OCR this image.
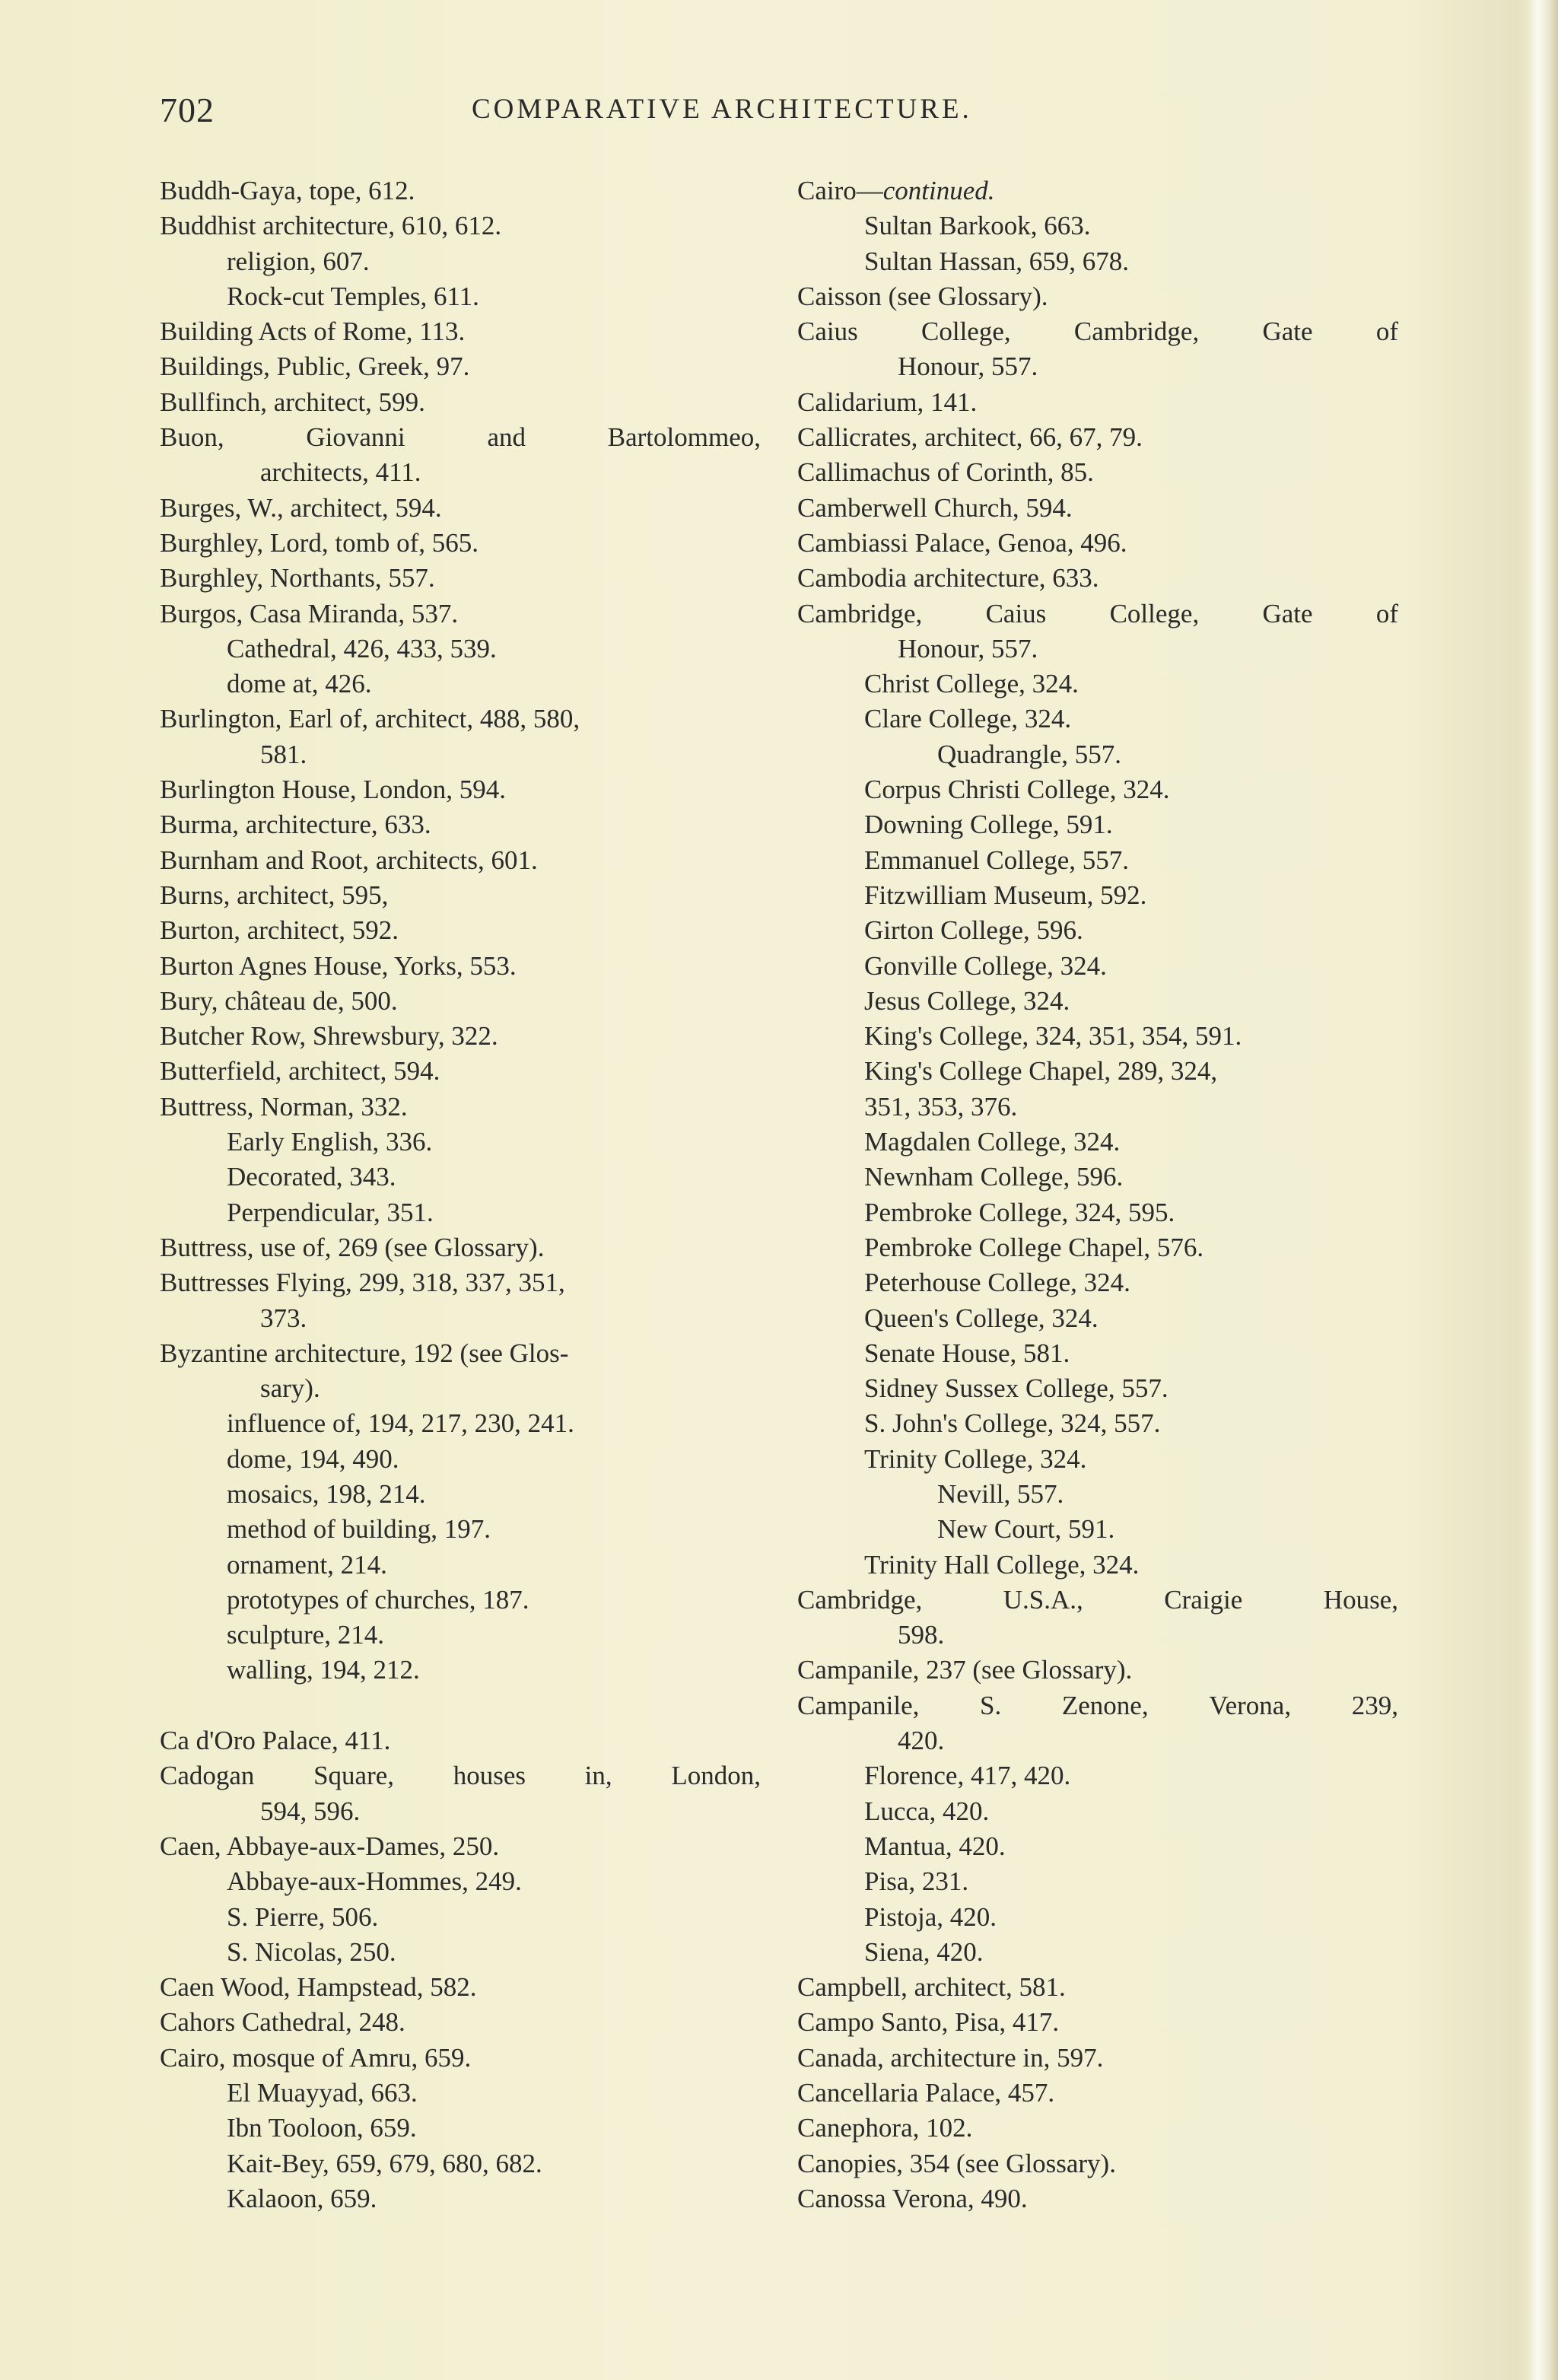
702	COMPARATIVE ARCHITECTURE.
Buddh-Gaya, tope, 612.
Buddhist architecture, 610, 612.
religion, 607.
Rock-cut Temples, 611.
Building Acts of Rome, 113.
Buildings, Public, Greek, 97.
Bullfinch, architect, 599.
Buon,	Giovanni	and	Bartolommeo,
architects, 411.
Burges, W., architect, 594.
Burghley, Lord, tomb of, 565.
Burghley, Northants, 557.
Burgos, Casa Miranda, 537.
Cathedral, 426, 433, 539.
dome at, 426.
Burlington, Earl of, architect, 488, 580,
581.
Burlington House, London, 594.
Burma, architecture, 633.
Burnham and Root, architects, 601.
Burns, architect, 595,
Burton, architect, 592.
Burton Agnes House, Yorks, 553.
Bury, château de, 500.
Butcher Row, Shrewsbury, 322.
Butterfield, architect, 594.
Buttress, Norman, 332.
Early English, 336.
Decorated, 343.
Perpendicular, 351.
Buttress, use of, 269 (see Glossary).
Buttresses Flying, 299, 318, 337, 351,
373.
Byzantine architecture, 192 (see Glos-
sary).
influence of, 194, 217, 230, 241.
dome, 194, 490.
mosaics, 198, 214.
method of building, 197.
ornament, 214.
prototypes of churches, 187.
sculpture, 214.
walling, 194, 212.
Ca d'Oro Palace, 411.
Cadogan Square, houses in, London,
594, 596.
Caen, Abbaye-aux-Dames, 250.
Abbaye-aux-Hommes, 249.
S. Pierre, 506.
S. Nicolas, 250.
Caen Wood, Hampstead, 582.
Cahors Cathedral, 248.
Cairo, mosque of Amru, 659.
El Muayyad, 663.
Ibn Tooloon, 659.
Kait-Bey, 659, 679, 680, 682.
Kalaoon, 659.
Cairo—continued.
Sultan Barkook, 663.
Sultan Hassan, 659, 678.
Caisson (see Glossary).
Caius College, Cambridge, Gate of
Honour, 557.
Calidarium, 141.
Callicrates, architect, 66, 67, 79.
Callimachus of Corinth, 85.
Camberwell Church, 594.
Cambiassi Palace, Genoa, 496.
Cambodia architecture, 633.
Cambridge, Caius College, Gate of
Honour, 557.
Christ College, 324.
Clare College, 324.
Quadrangle, 557.
Corpus Christi College, 324.
Downing College, 591.
Emmanuel College, 557.
Fitzwilliam Museum, 592.
Girton College, 596.
Gonville College, 324.
Jesus College, 324.
King's College, 324, 351, 354, 591.
King's College Chapel, 289, 324,
351, 353, 376.
Magdalen College, 324.
Newnham College, 596.
Pembroke College, 324, 595.
Pembroke College Chapel, 576.
Peterhouse College, 324.
Queen's College, 324.
Senate House, 581.
Sidney Sussex College, 557.
S. John's College, 324, 557.
Trinity College, 324.
Nevill, 557.
New Court, 591.
Trinity Hall College, 324.
Cambridge,	U.S.A.,	Craigie	House,
598.
Campanile, 237 (see Glossary).
Campanile, S. Zenone, Verona, 239,
420.
Florence, 417, 420.
Lucca, 420.
Mantua, 420.
Pisa, 231.
Pistoja, 420.
Siena, 420.
Campbell, architect, 581.
Campo Santo, Pisa, 417.
Canada, architecture in, 597.
Cancellaria Palace, 457.
Canephora, 102.
Canopies, 354 (see Glossary).
Canossa Verona, 490.
